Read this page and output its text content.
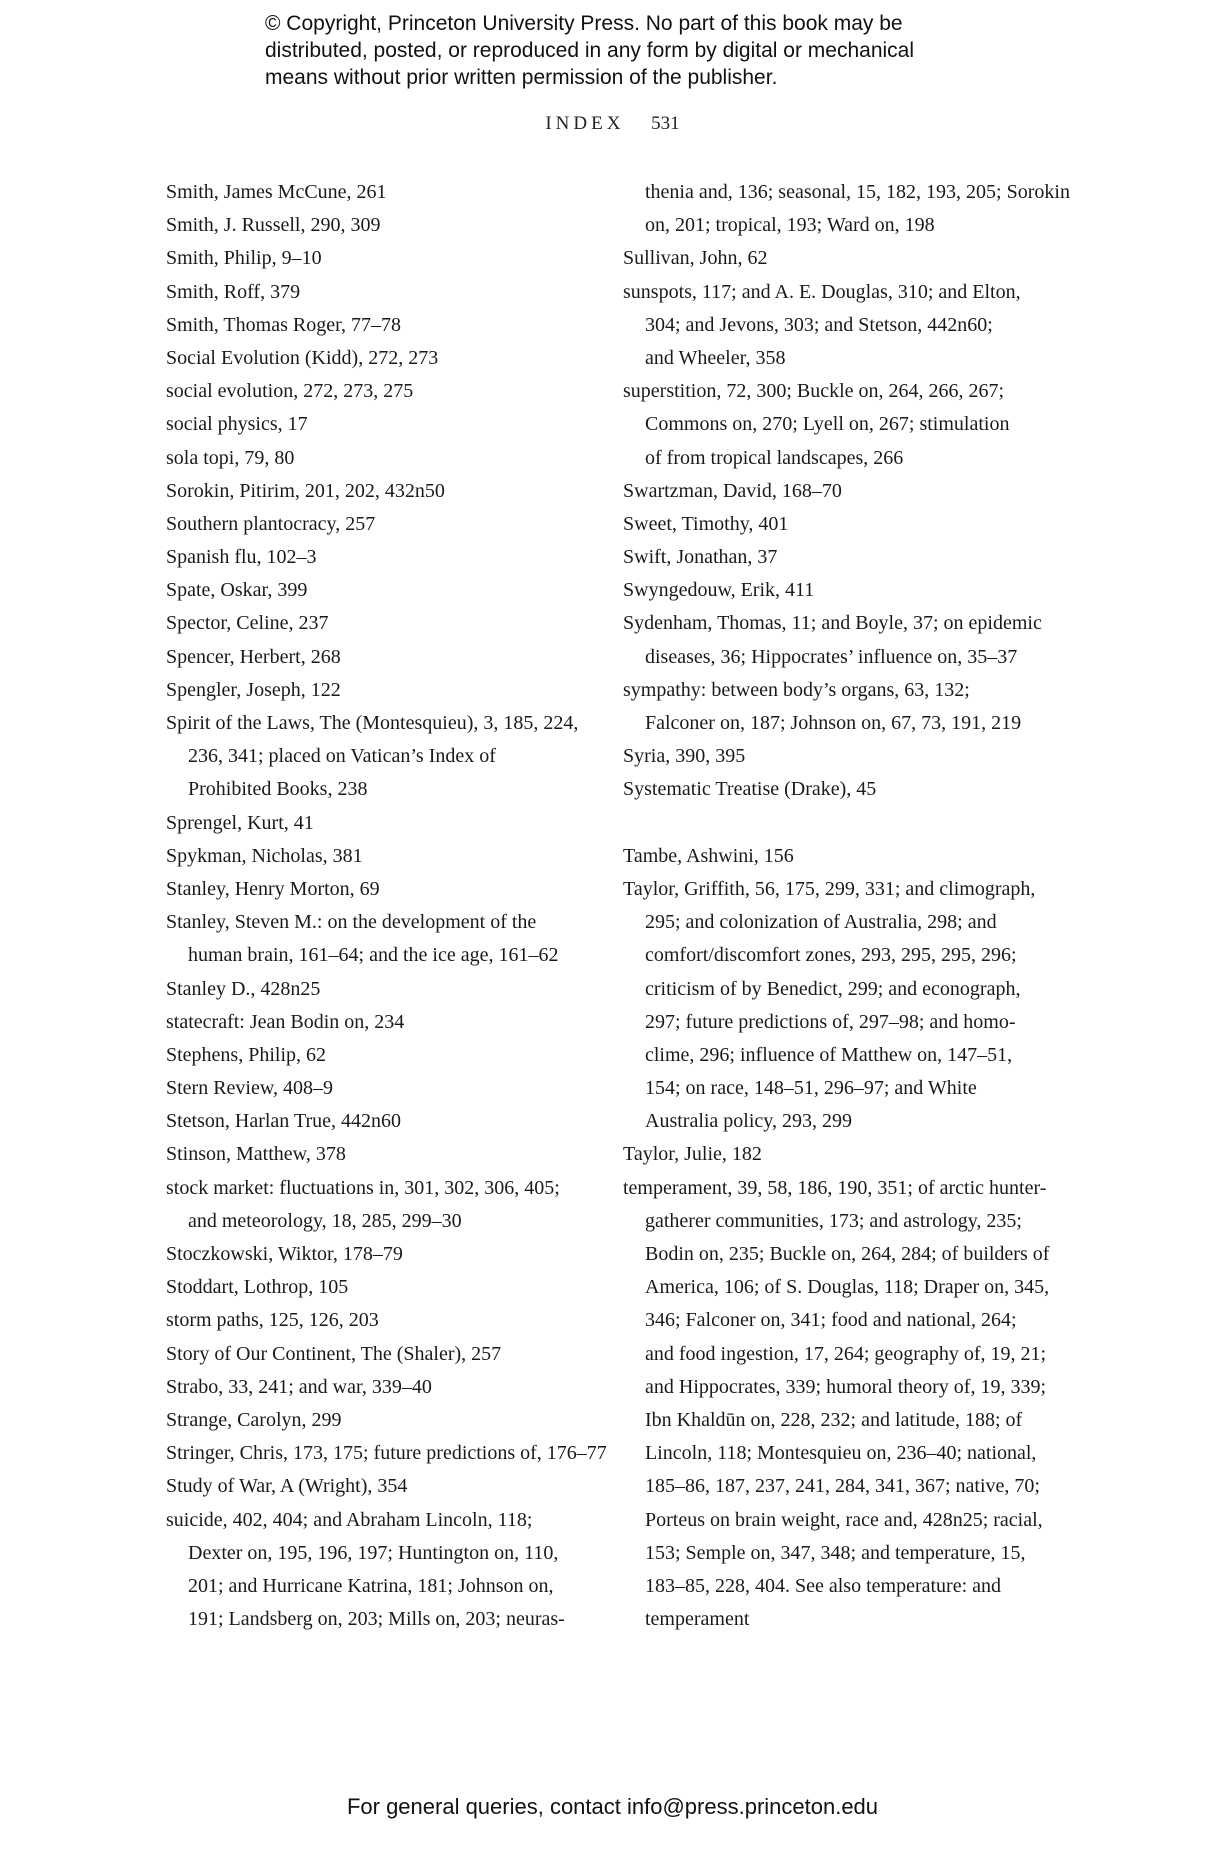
© Copyright, Princeton University Press. No part of this book may be
distributed, posted, or reproduced in any form by digital or mechanical
means without prior written permission of the publisher.
INDEX 531
Smith, James McCune, 261
Smith, J. Russell, 290, 309
Smith, Philip, 9–10
Smith, Roff, 379
Smith, Thomas Roger, 77–78
Social Evolution (Kidd), 272, 273
social evolution, 272, 273, 275
social physics, 17
sola topi, 79, 80
Sorokin, Pitirim, 201, 202, 432n50
Southern plantocracy, 257
Spanish flu, 102–3
Spate, Oskar, 399
Spector, Celine, 237
Spencer, Herbert, 268
Spengler, Joseph, 122
Spirit of the Laws, The (Montesquieu), 3, 185, 224,
236, 341; placed on Vatican’s Index of
Prohibited Books, 238
Sprengel, Kurt, 41
Spykman, Nicholas, 381
Stanley, Henry Morton, 69
Stanley, Steven M.: on the development of the
human brain, 161–64; and the ice age, 161–62
Stanley D., 428n25
statecraft: Jean Bodin on, 234
Stephens, Philip, 62
Stern Review, 408–9
Stetson, Harlan True, 442n60
Stinson, Matthew, 378
stock market: fluctuations in, 301, 302, 306, 405;
and meteorology, 18, 285, 299–30
Stoczkowski, Wiktor, 178–79
Stoddart, Lothrop, 105
storm paths, 125, 126, 203
Story of Our Continent, The (Shaler), 257
Strabo, 33, 241; and war, 339–40
Strange, Carolyn, 299
Stringer, Chris, 173, 175; future predictions of, 176–77
Study of War, A (Wright), 354
suicide, 402, 404; and Abraham Lincoln, 118;
Dexter on, 195, 196, 197; Huntington on, 110,
201; and Hurricane Katrina, 181; Johnson on,
191; Landsberg on, 203; Mills on, 203; neuras-
thenia and, 136; seasonal, 15, 182, 193, 205; Sorokin
on, 201; tropical, 193; Ward on, 198
Sullivan, John, 62
sunspots, 117; and A. E. Douglas, 310; and Elton,
304; and Jevons, 303; and Stetson, 442n60;
and Wheeler, 358
superstition, 72, 300; Buckle on, 264, 266, 267;
Commons on, 270; Lyell on, 267; stimulation
of from tropical landscapes, 266
Swartzman, David, 168–70
Sweet, Timothy, 401
Swift, Jonathan, 37
Swyngedouw, Erik, 411
Sydenham, Thomas, 11; and Boyle, 37; on epidemic
diseases, 36; Hippocrates’ influence on, 35–37
sympathy: between body’s organs, 63, 132;
Falconer on, 187; Johnson on, 67, 73, 191, 219
Syria, 390, 395
Systematic Treatise (Drake), 45
Tambe, Ashwini, 156
Taylor, Griffith, 56, 175, 299, 331; and climograph,
295; and colonization of Australia, 298; and
comfort/discomfort zones, 293, 295, 295, 296;
criticism of by Benedict, 299; and econograph,
297; future predictions of, 297–98; and homo-
clime, 296; influence of Matthew on, 147–51,
154; on race, 148–51, 296–97; and White
Australia policy, 293, 299
Taylor, Julie, 182
temperament, 39, 58, 186, 190, 351; of arctic hunter-
gatherer communities, 173; and astrology, 235;
Bodin on, 235; Buckle on, 264, 284; of builders of
America, 106; of S. Douglas, 118; Draper on, 345,
346; Falconer on, 341; food and national, 264;
and food ingestion, 17, 264; geography of, 19, 21;
and Hippocrates, 339; humoral theory of, 19, 339;
Ibn Khaldūn on, 228, 232; and latitude, 188; of
Lincoln, 118; Montesquieu on, 236–40; national,
185–86, 187, 237, 241, 284, 341, 367; native, 70;
Porteus on brain weight, race and, 428n25; racial,
153; Semple on, 347, 348; and temperature, 15,
183–85, 228, 404. See also temperature: and
temperament
For general queries, contact info@press.princeton.edu
